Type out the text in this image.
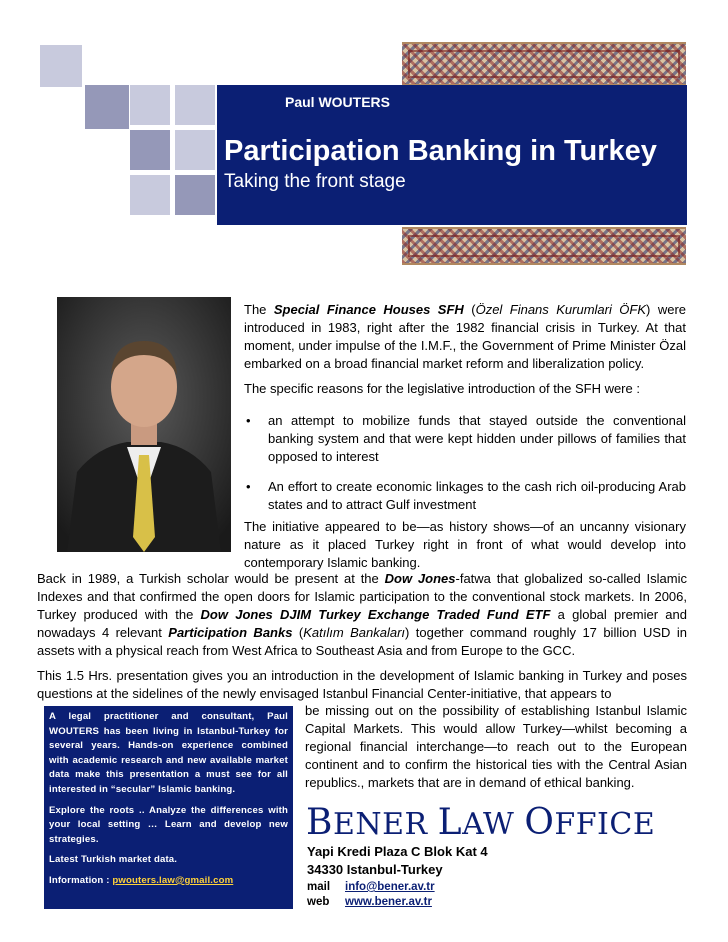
Paul WOUTERS
Participation Banking in Turkey
Taking the front stage
The Special Finance Houses SFH (Özel Finans Kurumlari ÖFK) were introduced in 1983, right after the 1982 financial crisis in Turkey. At that moment, under impulse of the I.M.F., the Government of Prime Minister Özal embarked on a broad financial market reform and liberalization policy.
The specific reasons for the legislative introduction of the SFH were :
• an attempt to mobilize funds that stayed outside the conventional banking system and that were kept hidden under pillows of families that opposed to interest
• An effort to create economic linkages to the cash rich oil-producing Arab states and to attract Gulf investment
The initiative appeared to be—as history shows—of an uncanny visionary nature as it placed Turkey right in front of what would develop into contemporary Islamic banking.
Back in 1989, a Turkish scholar would be present at the Dow Jones-fatwa that globalized so-called Islamic Indexes and that confirmed the open doors for Islamic participation to the conventional stock markets. In 2006, Turkey produced with the Dow Jones DJIM Turkey Exchange Traded Fund ETF a global premier and nowadays 4 relevant Participation Banks (Katılım Bankaları) together command roughly 17 billion USD in assets with a physical reach from West Africa to Southeast Asia and from Europe to the GCC.
This 1.5 Hrs. presentation gives you an introduction in the development of Islamic banking in Turkey and poses questions at the sidelines of the newly envisaged Istanbul Financial Center-initiative, that appears to
be missing out on the possibility of establishing Istanbul Islamic Capital Markets. This would allow Turkey—whilst becoming a regional financial interchange—to reach out to the European continent and to confirm the historical ties with the Central Asian republics., markets that are in demand of ethical banking.

A legal practitioner and consultant, Paul WOUTERS has been living in Istanbul-Turkey for several years. Hands-on experience combined with academic research and new available market data make this presentation a must see for all interested in “secular” Islamic banking.

Explore the roots .. Analyze the differences with your local setting … Learn and develop new strategies.

Latest Turkish market data.

Information : pwouters.law@gmail.com

BENER LAW OFFICE
Yapi Kredi Plaza C Blok Kat 4
34330 Istanbul-Turkey
mail info@bener.av.tr
web www.bener.av.tr
